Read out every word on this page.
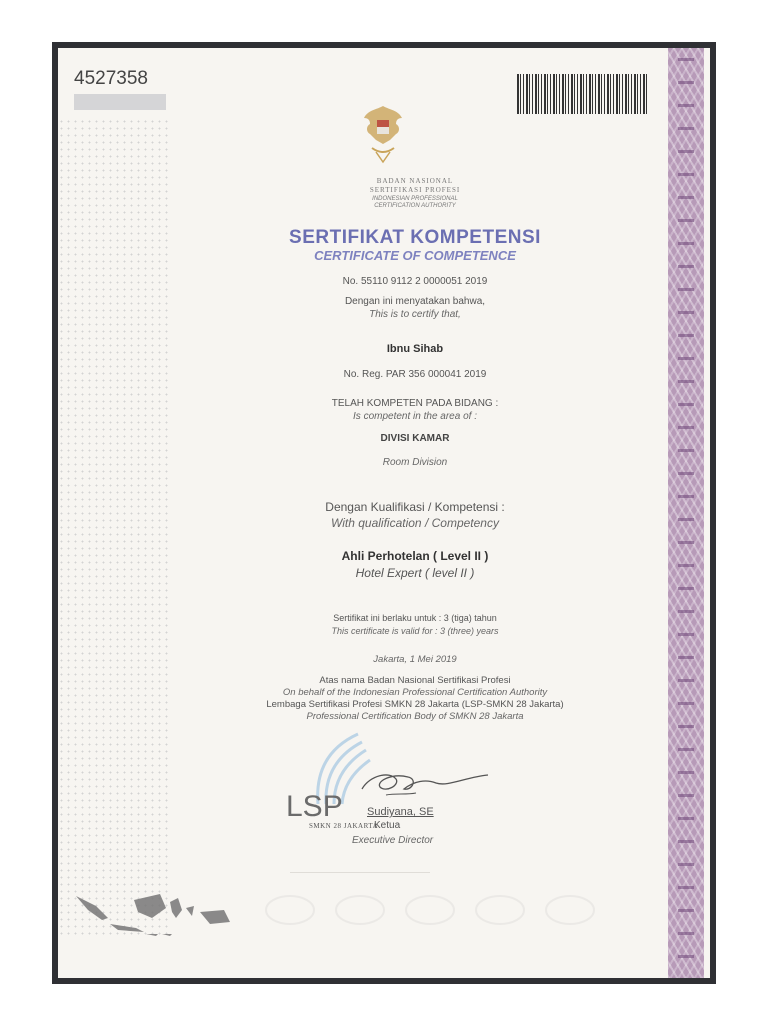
4527358
BADAN NASIONAL
SERTIFIKASI PROFESI
INDONESIAN PROFESSIONAL
CERTIFICATION AUTHORITY
SERTIFIKAT KOMPETENSI
CERTIFICATE OF COMPETENCE
No. 55110 9112 2 0000051 2019
Dengan ini menyatakan bahwa,
This is to certify that,
Ibnu Sihab
No. Reg. PAR 356 000041 2019
TELAH KOMPETEN PADA BIDANG :
Is competent in the area of :
DIVISI KAMAR
Room Division
Dengan Kualifikasi / Kompetensi :
With qualification / Competency
Ahli Perhotelan ( Level II )
Hotel Expert ( level II )
Sertifikat ini berlaku untuk : 3 (tiga) tahun
This certificate is valid for : 3 (three) years
Jakarta, 1 Mei 2019
Atas nama Badan Nasional Sertifikasi Profesi
On behalf of the Indonesian Professional Certification Authority
Lembaga Sertifikasi Profesi SMKN 28 Jakarta (LSP-SMKN 28 Jakarta)
Professional Certification Body of SMKN 28 Jakarta
LSP
SMKN 28 JAKARTA
Sudiyana, SE
Ketua
Executive Director
